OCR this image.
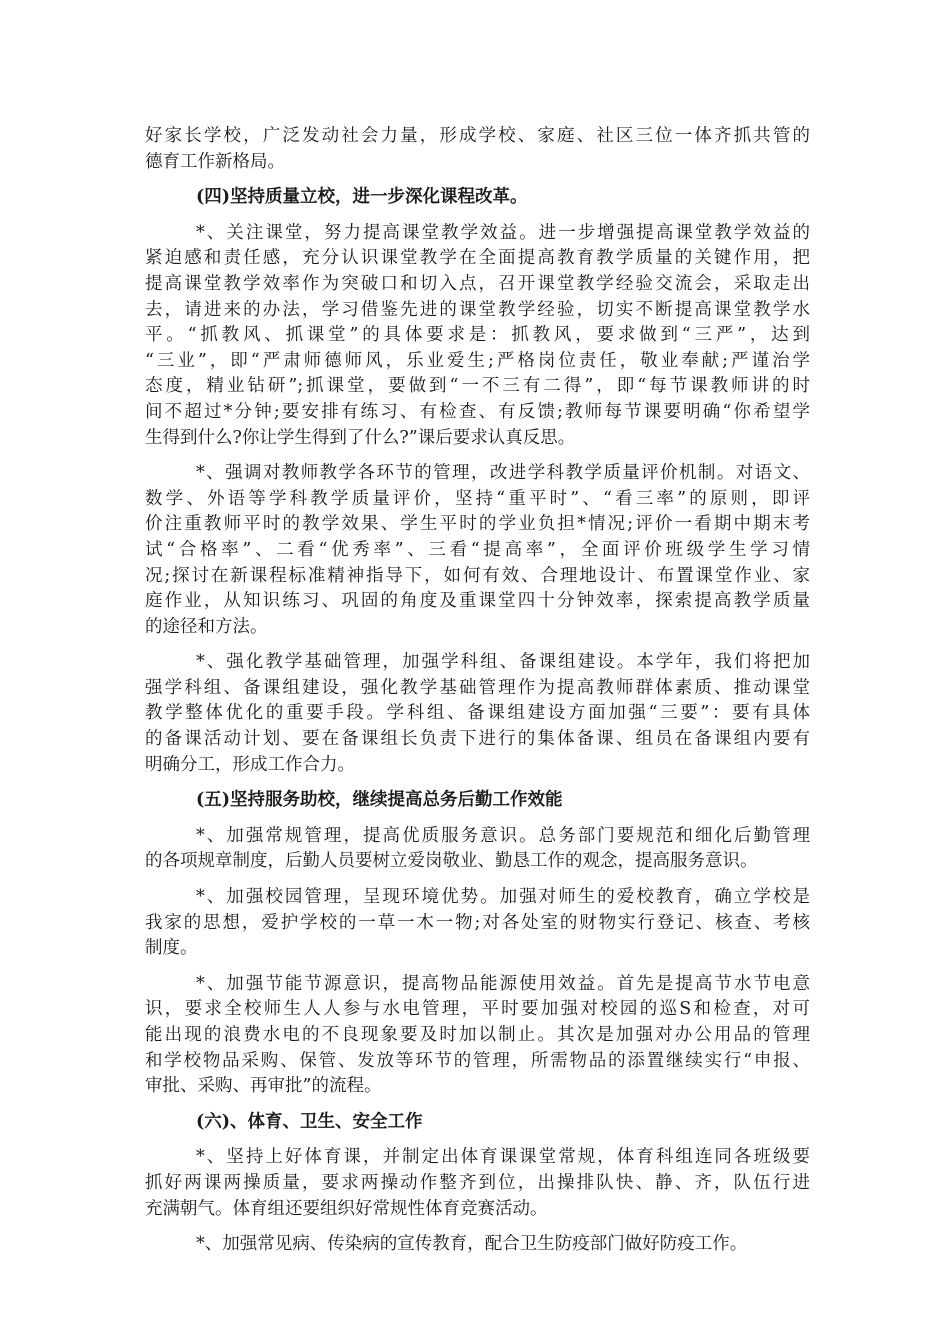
好家长学校，广泛发动社会力量，形成学校、家庭、社区三位一体齐抓共管的
德育工作新格局。
(四)坚持质量立校，进一步深化课程改革。
*、关注课堂，努力提高课堂教学效益。进一步增强提高课堂教学效益的
紧迫感和责任感，充分认识课堂教学在全面提高教育教学质量的关键作用，把
提高课堂教学效率作为突破口和切入点，召开课堂教学经验交流会，采取走出
去，请进来的办法，学习借鉴先进的课堂教学经验，切实不断提高课堂教学水
平。“抓教风、抓课堂”的具体要求是：抓教风，要求做到“三严”，达到
“三业”，即“严肃师德师风，乐业爱生;严格岗位责任，敬业奉献;严谨治学
态度，精业钻研”;抓课堂，要做到“一不三有二得”，即“每节课教师讲的时
间不超过*分钟;要安排有练习、有检查、有反馈;教师每节课要明确“你希望学
生得到什么?你让学生得到了什么?”课后要求认真反思。
*、强调对教师教学各环节的管理，改进学科教学质量评价机制。对语文、
数学、外语等学科教学质量评价，坚持“重平时”、“看三率”的原则，即评
价注重教师平时的教学效果、学生平时的学业负担*情况;评价一看期中期末考
试“合格率”、二看“优秀率”、三看“提高率”，全面评价班级学生学习情
况;探讨在新课程标准精神指导下，如何有效、合理地设计、布置课堂作业、家
庭作业，从知识练习、巩固的角度及重课堂四十分钟效率，探索提高教学质量
的途径和方法。
*、强化教学基础管理，加强学科组、备课组建设。本学年，我们将把加
强学科组、备课组建设，强化教学基础管理作为提高教师群体素质、推动课堂
教学整体优化的重要手段。学科组、备课组建设方面加强“三要”：要有具体
的备课活动计划、要在备课组长负责下进行的集体备课、组员在备课组内要有
明确分工，形成工作合力。
(五)坚持服务助校，继续提高总务后勤工作效能
*、加强常规管理，提高优质服务意识。总务部门要规范和细化后勤管理
的各项规章制度，后勤人员要树立爱岗敬业、勤恳工作的观念，提高服务意识。
*、加强校园管理，呈现环境优势。加强对师生的爱校教育，确立学校是
我家的思想，爱护学校的一草一木一物;对各处室的财物实行登记、核查、考核
制度。
*、加强节能节源意识，提高物品能源使用效益。首先是提高节水节电意
识，要求全校师生人人参与水电管理，平时要加强对校园的巡S和检查，对可
能出现的浪费水电的不良现象要及时加以制止。其次是加强对办公用品的管理
和学校物品采购、保管、发放等环节的管理，所需物品的添置继续实行“申报、
审批、采购、再审批”的流程。
(六)、体育、卫生、安全工作
*、坚持上好体育课，并制定出体育课课堂常规，体育科组连同各班级要
抓好两课两操质量，要求两操动作整齐到位，出操排队快、静、齐，队伍行进
充满朝气。体育组还要组织好常规性体育竞赛活动。
*、加强常见病、传染病的宣传教育，配合卫生防疫部门做好防疫工作。
